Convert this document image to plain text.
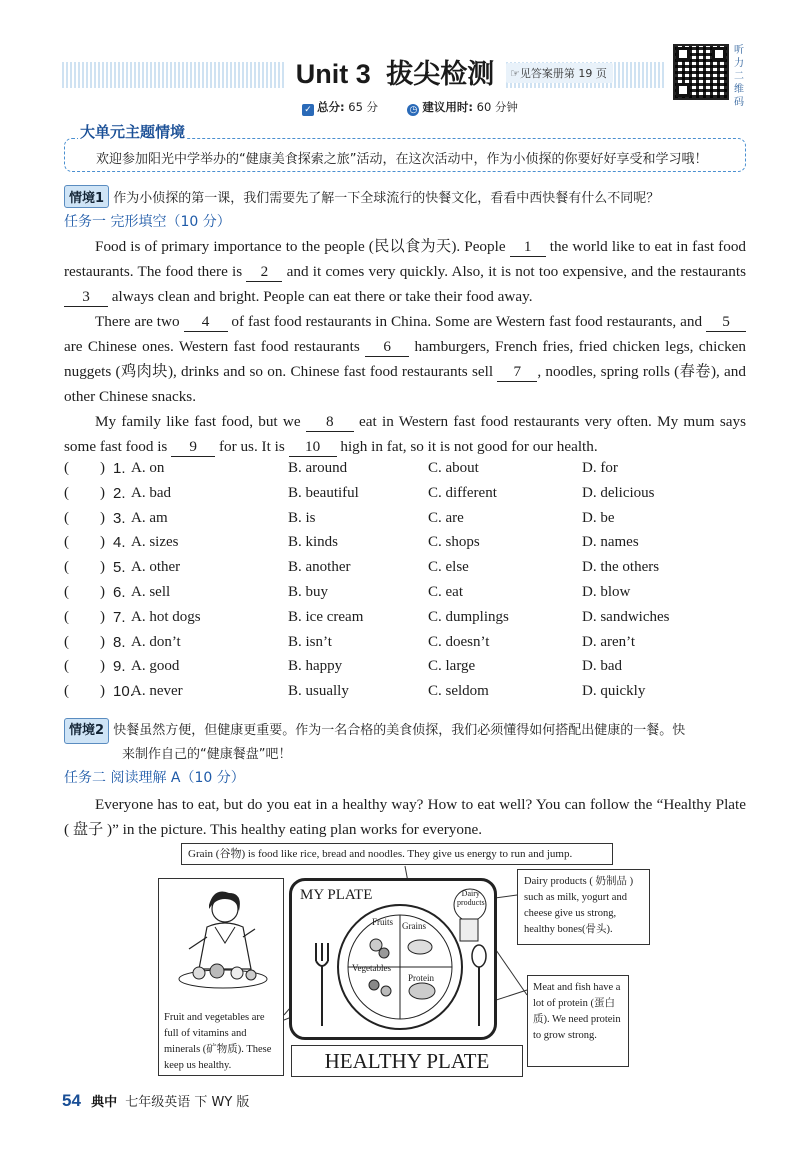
Unit 3 拔尖检测	☞见答案册第 19 页
听力二维码
✓ 总分: 65 分	◷ 建议用时: 60 分钟
大单元主题情境
欢迎参加阳光中学举办的“健康美食探索之旅”活动，在这次活动中，作为小侦探的你要好好享受和学习哦！
情境1 作为小侦探的第一课，我们需要先了解一下全球流行的快餐文化，看看中西快餐有什么不同呢？
任务一 完形填空（10 分）
Food is of primary importance to the people (民以食为天). People 1 the world like to eat in fast food restaurants. The food there is 2 and it comes very quickly. Also, it is not too expensive, and the restaurants 3 always clean and bright. People can eat there or take their food away.
There are two 4 of fast food restaurants in China. Some are Western fast food restaurants, and 5 are Chinese ones. Western fast food restaurants 6 hamburgers, French fries, fried chicken legs, chicken nuggets (鸡肉块), drinks and so on. Chinese fast food restaurants sell 7 , noodles, spring rolls (春卷), and other Chinese snacks.
My family like fast food, but we 8 eat in Western fast food restaurants very often. My mum says some fast food is 9 for us. It is 10 high in fat, so it is not good for our health.
( ) 1. A. on	B. around	C. about	D. for
( ) 2. A. bad	B. beautiful	C. different	D. delicious
( ) 3. A. am	B. is	C. are	D. be
( ) 4. A. sizes	B. kinds	C. shops	D. names
( ) 5. A. other	B. another	C. else	D. the others
( ) 6. A. sell	B. buy	C. eat	D. blow
( ) 7. A. hot dogs	B. ice cream	C. dumplings	D. sandwiches
( ) 8. A. don’t	B. isn’t	C. doesn’t	D. aren’t
( ) 9. A. good	B. happy	C. large	D. bad
( ) 10.
A. never	B. usually	C. seldom	D. quickly
情境2 快餐虽然方便，但健康更重要。作为一名合格的美食侦探，我们必须懂得如何搭配出健康的一餐。快
来制作自己的“健康餐盘”吧！
任务二 阅读理解 A（10 分）
Everyone has to eat, but do you eat in a healthy way? How to eat well? You can follow the “Healthy Plate ( 盘子 )” in the picture. This healthy eating plan works for everyone.
Grain (谷物) is food like rice, bread and noodles. They give us energy to run and jump.
Fruit and vegetables are full of vitamins and minerals (矿物质). These keep us healthy.
MY PLATE
Fruits Grains
Vegetables
Protein
Dairy
products
Dairy products ( 奶制品 ) such as milk, yogurt and cheese give us strong, healthy bones(骨头).
Meat and fish have a lot of protein (蛋白质). We need protein to grow strong.
HEALTHY PLATE
54 典中 七年级英语 下 WY 版
